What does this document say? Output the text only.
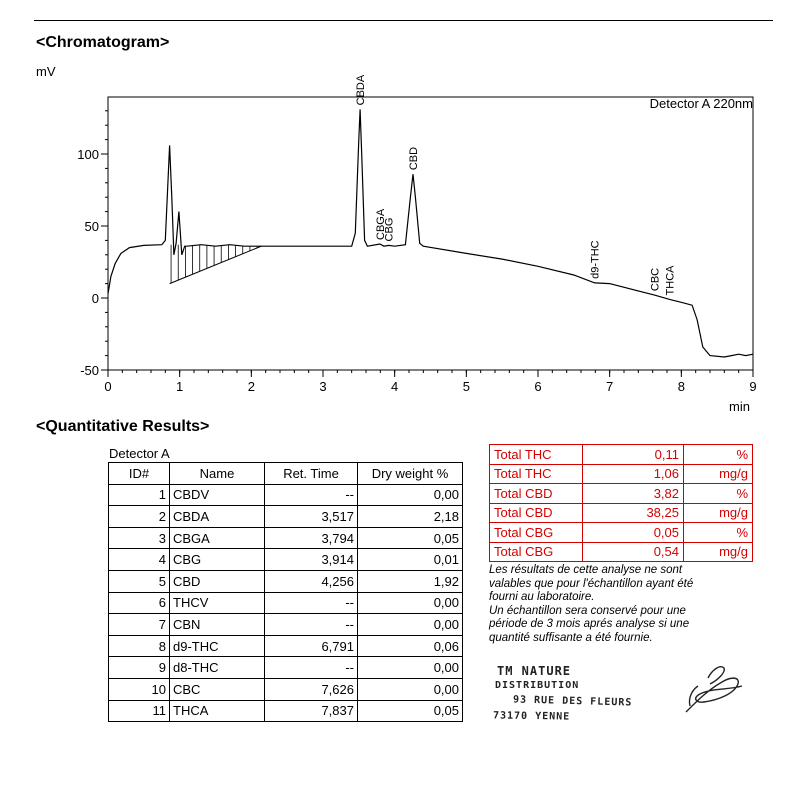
<Chromatogram>
0	1	2	3	4	5	6	7	8	9
-50
0
50
100
CBDA
CBGA
CBG
CBD
d9-THC
CBC THCA
mV
min
Detector A 220nm
<Quantitative Results>
Detector A
ID#	Name	Ret. Time	Dry weight %
1	CBDV	--	0,00
2	CBDA	3,517	2,18
3	CBGA	3,794	0,05
4	CBG	3,914	0,01
5	CBD	4,256	1,92
6	THCV	--	0,00
7	CBN	--	0,00
8	d9-THC	6,791	0,06
9	d8-THC	--	0,00
10	CBC	7,626	0,00
11	THCA	7,837	0,05
Total THC	0,11	%
Total THC	1,06	mg/g
Total CBD	3,82	%
Total CBD	38,25	mg/g
Total CBG	0,05	%
Total CBG	0,54	mg/g
Les résultats de cette analyse ne sont
valables que pour l'échantillon ayant été
fourni au laboratoire.
Un échantillon sera conservé pour une
période de 3 mois aprés analyse si une
quantité suffisante a été fournie.
TM NATURE
DISTRIBUTION
93 RUE DES FLEURS
73170 YENNE
